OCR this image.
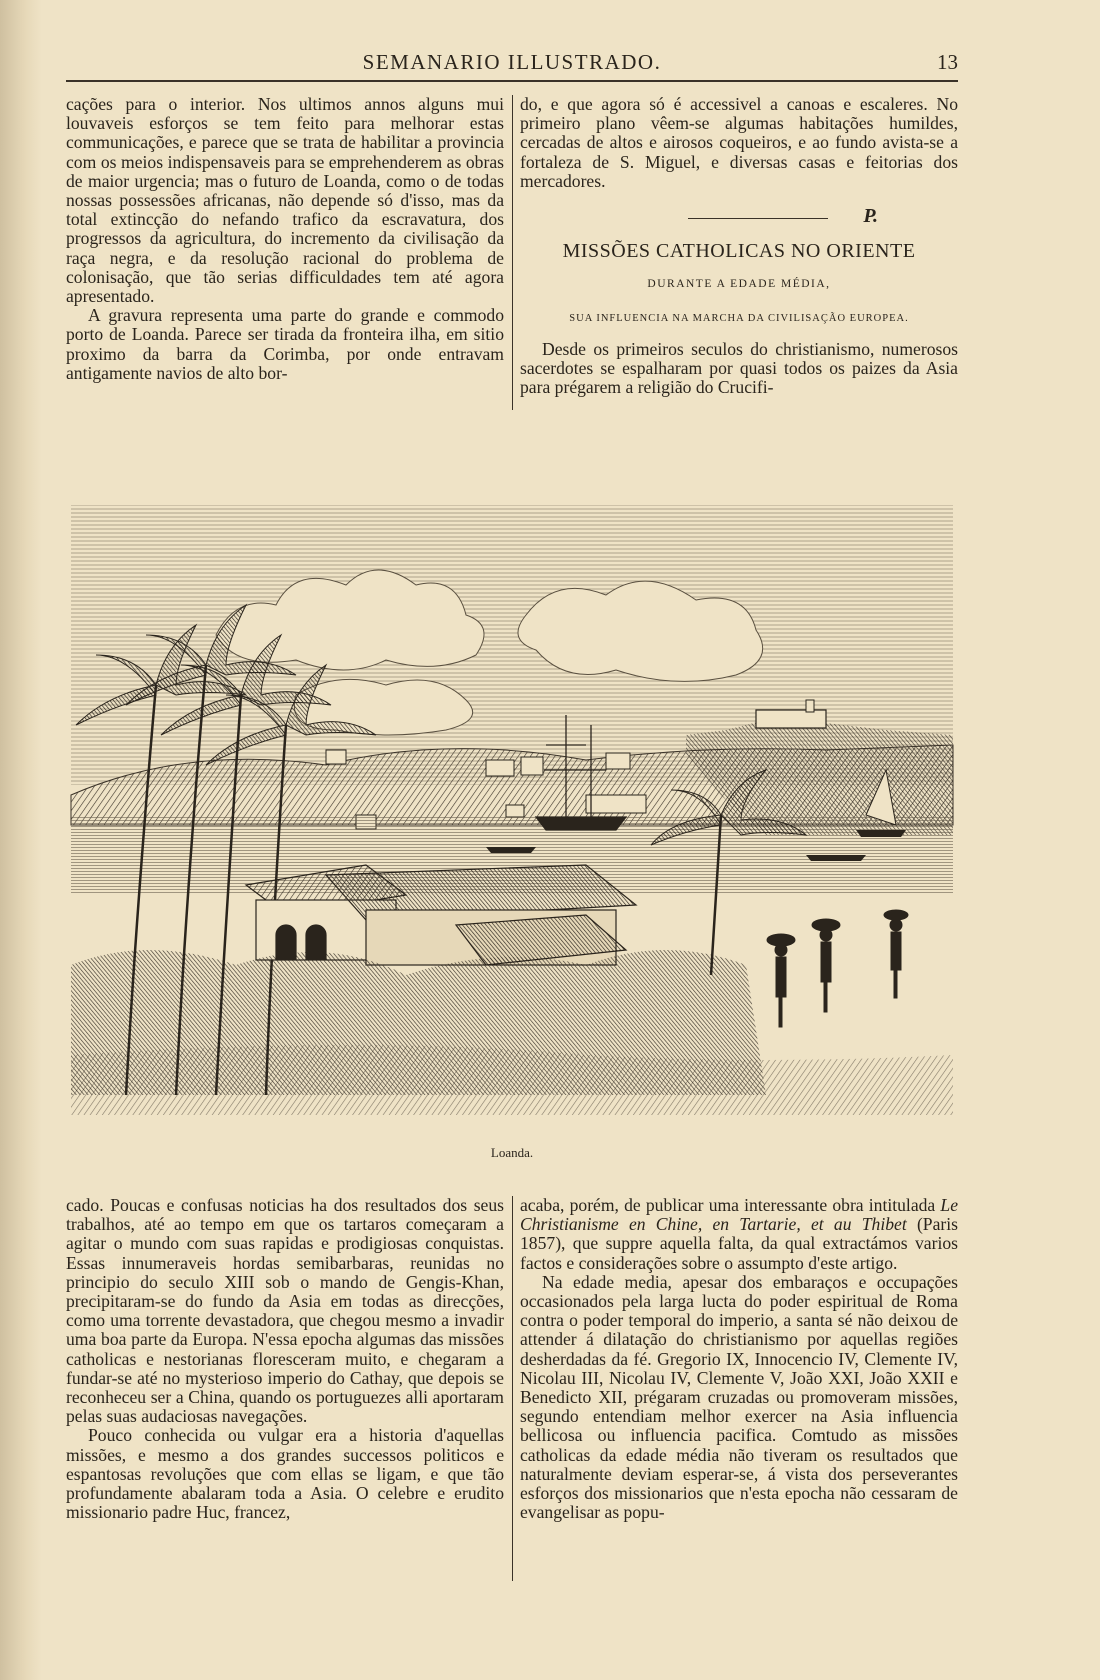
SEMANARIO ILLUSTRADO.	13

cações para o interior. Nos ultimos annos alguns mui louvaveis esforços se tem feito para melhorar estas communicações, e parece que se trata de habilitar a provincia com os meios indispensaveis para se emprehenderem as obras de maior urgencia; mas o futuro de Loanda, como o de todas nossas possessões africanas, não depende só d'isso, mas da total extincção do nefando trafico da escravatura, dos progressos da agricultura, do incremento da civilisação da raça negra, e da resolução racional do problema de colonisação, que tão serias difficuldades tem até agora apresentado.

A gravura representa uma parte do grande e commodo porto de Loanda. Parece ser tirada da fronteira ilha, em sitio proximo da barra da Corimba, por onde entravam antigamente navios de alto bor-

do, e que agora só é accessivel a canoas e escaleres. No primeiro plano vêem-se algumas habitações humildes, cercadas de altos e airosos coqueiros, e ao fundo avista-se a fortaleza de S. Miguel, e diversas casas e feitorias dos mercadores.

P.
MISSÕES CATHOLICAS NO ORIENTE
DURANTE A EDADE MÉDIA,
SUA INFLUENCIA NA MARCHA DA CIVILISAÇÃO EUROPEA.

Desde os primeiros seculos do christianismo, numerosos sacerdotes se espalharam por quasi todos os paizes da Asia para prégarem a religião do Crucifi-

Loanda.

cado. Poucas e confusas noticias ha dos resultados dos seus trabalhos, até ao tempo em que os tartaros começaram a agitar o mundo com suas rapidas e prodigiosas conquistas. Essas innumeraveis hordas semibarbaras, reunidas no principio do seculo XIII sob o mando de Gengis-Khan, precipitaram-se do fundo da Asia em todas as direcções, como uma torrente devastadora, que chegou mesmo a invadir uma boa parte da Europa. N'essa epocha algumas das missões catholicas e nestorianas floresceram muito, e chegaram a fundar-se até no mysterioso imperio do Cathay, que depois se reconheceu ser a China, quando os portuguezes alli aportaram pelas suas audaciosas navegações.

Pouco conhecida ou vulgar era a historia d'aquellas missões, e mesmo a dos grandes successos politicos e espantosas revoluções que com ellas se ligam, e que tão profundamente abalaram toda a Asia. O celebre e erudito missionario padre Huc, francez,

acaba, porém, de publicar uma interessante obra intitulada Le Christianisme en Chine, en Tartarie, et au Thibet (Paris 1857), que suppre aquella falta, da qual extractámos varios factos e considerações sobre o assumpto d'este artigo.

Na edade media, apesar dos embaraços e occupações occasionados pela larga lucta do poder espiritual de Roma contra o poder temporal do imperio, a santa sé não deixou de attender á dilatação do christianismo por aquellas regiões desherdadas da fé. Gregorio IX, Innocencio IV, Clemente IV, Nicolau III, Nicolau IV, Clemente V, João XXI, João XXII e Benedicto XII, prégaram cruzadas ou promoveram missões, segundo entendiam melhor exercer na Asia influencia bellicosa ou influencia pacifica. Comtudo as missões catholicas da edade média não tiveram os resultados que naturalmente deviam esperar-se, á vista dos perseverantes esforços dos missionarios que n'esta epocha não cessaram de evangelisar as popu-
